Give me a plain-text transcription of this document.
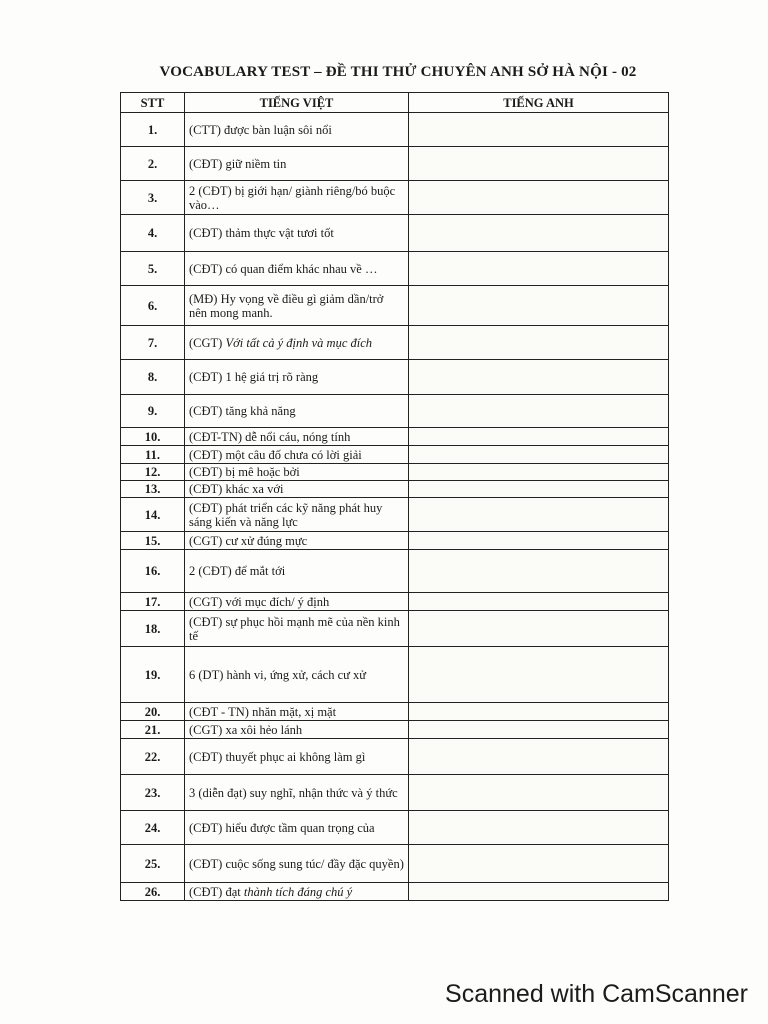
VOCABULARY TEST – ĐỀ THI THỬ CHUYÊN ANH SỞ HÀ NỘI - 02
STT	TIẾNG VIỆT	TIẾNG ANH
1.	(CTT) được bàn luận sôi nổi	
2.	(CĐT) giữ niềm tin	
3.	2 (CĐT) bị giới hạn/ giành riêng/bó buộc vào…	
4.	(CĐT) thảm thực vật tươi tốt	
5.	(CĐT) có quan điểm khác nhau về …	
6.	(MĐ) Hy vọng về điều gì giảm dần/trở nên mong manh.	
7.	(CGT) Với tất cả ý định và mục đích	
8.	(CĐT) 1 hệ giá trị rõ ràng	
9.	(CĐT) tăng khả năng	
10.	(CĐT-TN) dễ nổi cáu, nóng tính	
11.	(CĐT) một câu đố chưa có lời giải	
12.	(CĐT) bị mê hoặc bởi	
13.	(CĐT) khác xa với	
14.	(CĐT) phát triển các kỹ năng phát huy sáng kiến và năng lực	
15.	(CGT) cư xử đúng mực	
16.	2 (CĐT) để mắt tới	
17.	(CGT) với mục đích/ ý định	
18.	(CĐT) sự phục hồi mạnh mẽ của nền kinh tế	
19.	6 (DT) hành vi, ứng xử, cách cư xử	
20.	(CĐT - TN) nhăn mặt, xị mặt	
21.	(CGT) xa xôi hẻo lánh	
22.	(CĐT) thuyết phục ai không làm gì	
23.	3 (diễn đạt) suy nghĩ, nhận thức và ý thức	
24.	(CĐT) hiểu được tầm quan trọng của	
25.	(CĐT) cuộc sống sung túc/ đầy đặc quyền)	
26.	(CĐT) đạt thành tích đáng chú ý	
Scanned with CamScanner
